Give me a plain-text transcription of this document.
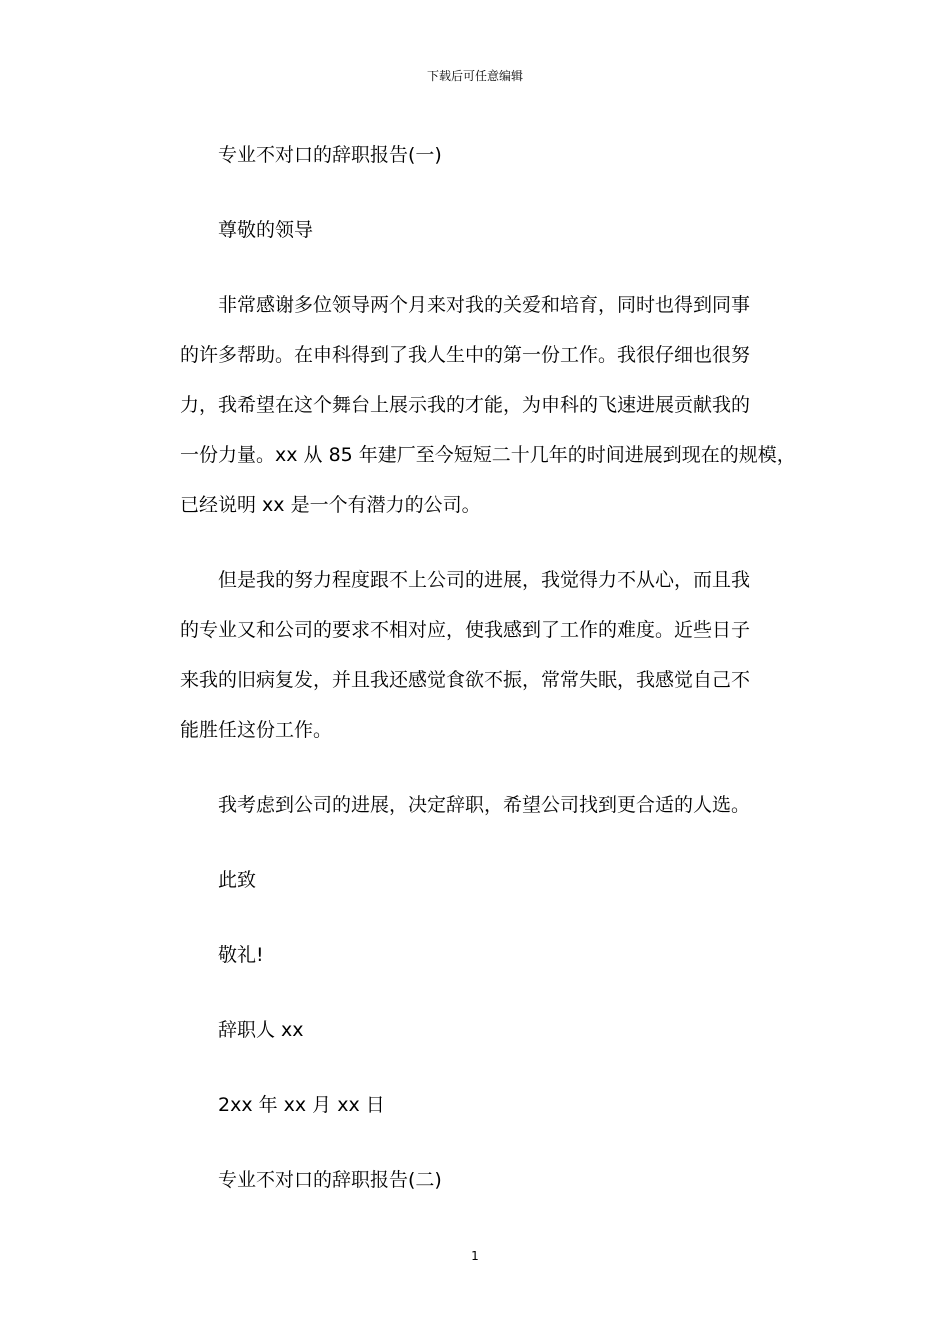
下载后可任意编辑

专业不对口的辞职报告(一)

尊敬的领导

非常感谢多位领导两个月来对我的关爱和培育，同时也得到同事
的许多帮助。在申科得到了我人生中的第一份工作。我很仔细也很努
力，我希望在这个舞台上展示我的才能，为申科的飞速进展贡献我的
一份力量。xx 从 85 年建厂至今短短二十几年的时间进展到现在的规模，
已经说明 xx 是一个有潜力的公司。
但是我的努力程度跟不上公司的进展，我觉得力不从心，而且我
的专业又和公司的要求不相对应，使我感到了工作的难度。近些日子
来我的旧病复发，并且我还感觉食欲不振，常常失眠，我感觉自己不
能胜任这份工作。

我考虑到公司的进展，决定辞职，希望公司找到更合适的人选。

此致

敬礼!

辞职人 xx

2xx 年 xx 月 xx 日

专业不对口的辞职报告(二)

1
